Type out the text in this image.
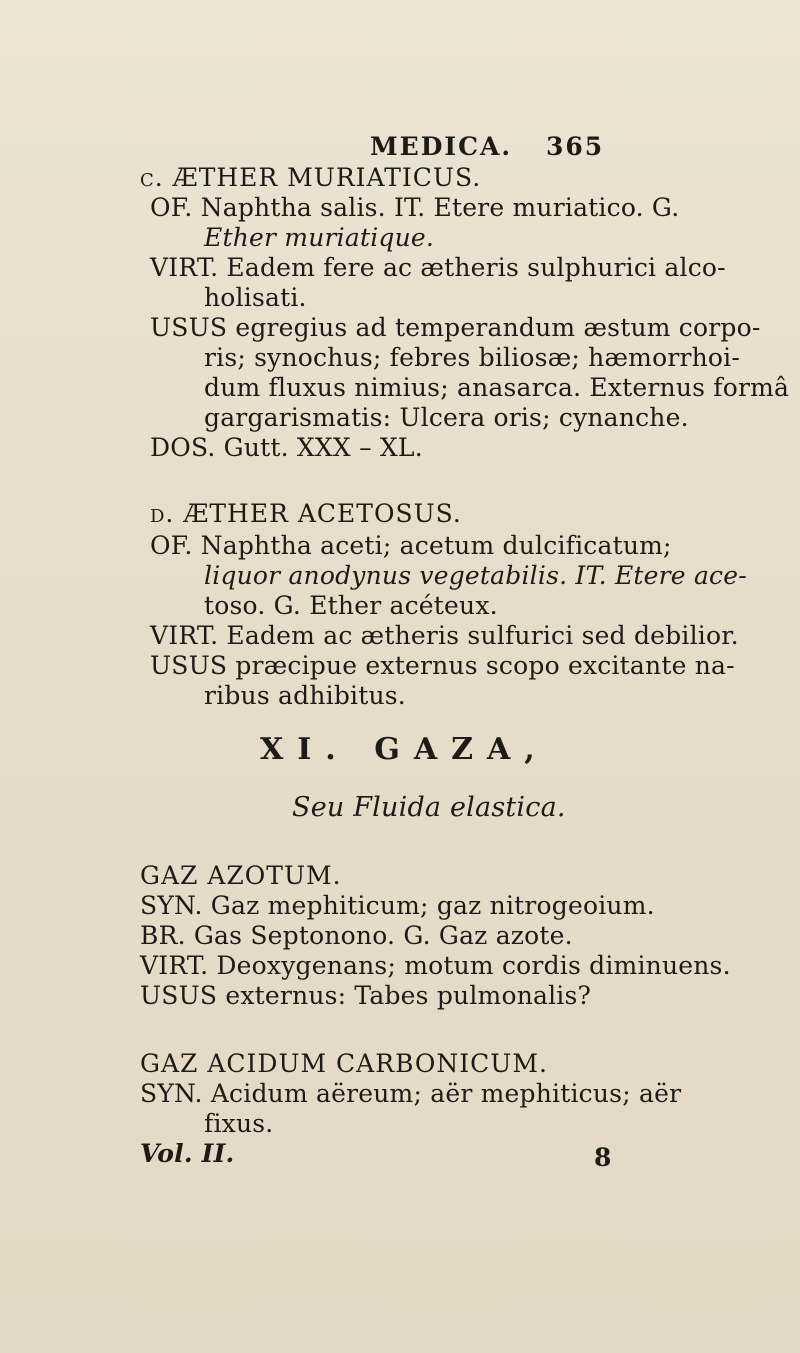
MEDICA. 365
c. ÆTHER MURIATICUS.
OF. Naphtha salis. IT. Etere muriatico. G.
Ether muriatique.
VIRT. Eadem fere ac ætheris sulphurici alco-
holisati.
USUS egregius ad temperandum æstum corpo-
ris; synochus; febres biliosæ; hæmorrhoi-
dum fluxus nimius; anasarca. Externus formâ
gargarismatis: Ulcera oris; cynanche.
DOS. Gutt. XXX – XL.
d. ÆTHER ACETOSUS.
OF. Naphtha aceti; acetum dulcificatum;
liquor anodynus vegetabilis. IT. Etere ace-
toso. G. Ether acéteux.
VIRT. Eadem ac ætheris sulfurici sed debilior.
USUS præcipue externus scopo excitante na-
ribus adhibitus.
XI. GAZA,
Seu Fluida elastica.
GAZ AZOTUM.
SYN. Gaz mephiticum; gaz nitrogeoium.
BR. Gas Septonono. G. Gaz azote.
VIRT. Deoxygenans; motum cordis diminuens.
USUS externus: Tabes pulmonalis?
GAZ ACIDUM CARBONICUM.
SYN. Acidum aëreum; aër mephiticus; aër
fixus.
Vol. II.	8
